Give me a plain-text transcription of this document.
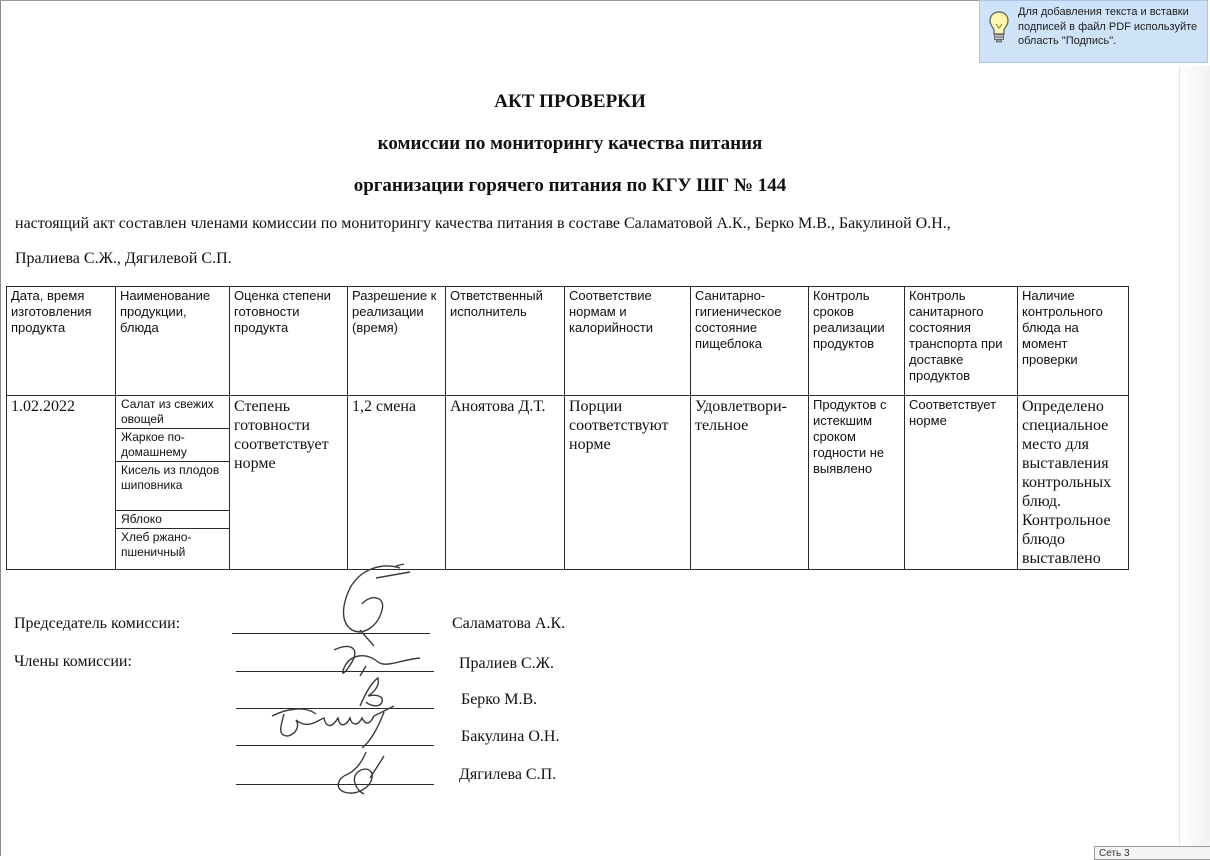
Для добавления текста и вставки подписей в файл PDF используйте область "Подпись".
АКТ ПРОВЕРКИ
комиссии по мониторингу качества питания
организации горячего питания по КГУ ШГ № 144
настоящий акт составлен членами комиссии по мониторингу качества питания в составе Саламатовой А.К., Берко М.В., Бакулиной О.Н.,
Пралиева С.Ж., Дягилевой С.П.
Дата, время изготовления продукта	Наименование продукции, блюда	Оценка степени готовности продукта	Разрешение к реализации (время)	Ответственный исполнитель	Соответствие нормам и калорийности	Санитарно-гигиеническое состояние пищеблока	Контроль сроков реализации продуктов	Контроль санитарного состояния транспорта при доставке продуктов	Наличие контрольного блюда на момент проверки
1.02.2022	Салат из свежих овощей
Жаркое по-домашнему
Кисель из плодов шиповника
Яблоко
Хлеб ржано-пшеничный	Степень готовности соответствует норме	1,2 смена	Аноятова Д.Т.	Порции соответствуют норме	Удовлетвори-тельное	Продуктов с истекшим сроком годности не выявлено	Соответствует норме	Определено специальное место для выставления контрольных блюд. Контрольное блюдо выставлено
Председатель комиссии:	Саламатова А.К.
Члены комиссии:	Пралиев С.Ж.
Берко М.В.
Бакулина О.Н.
Дягилева С.П.
Сеть 3
